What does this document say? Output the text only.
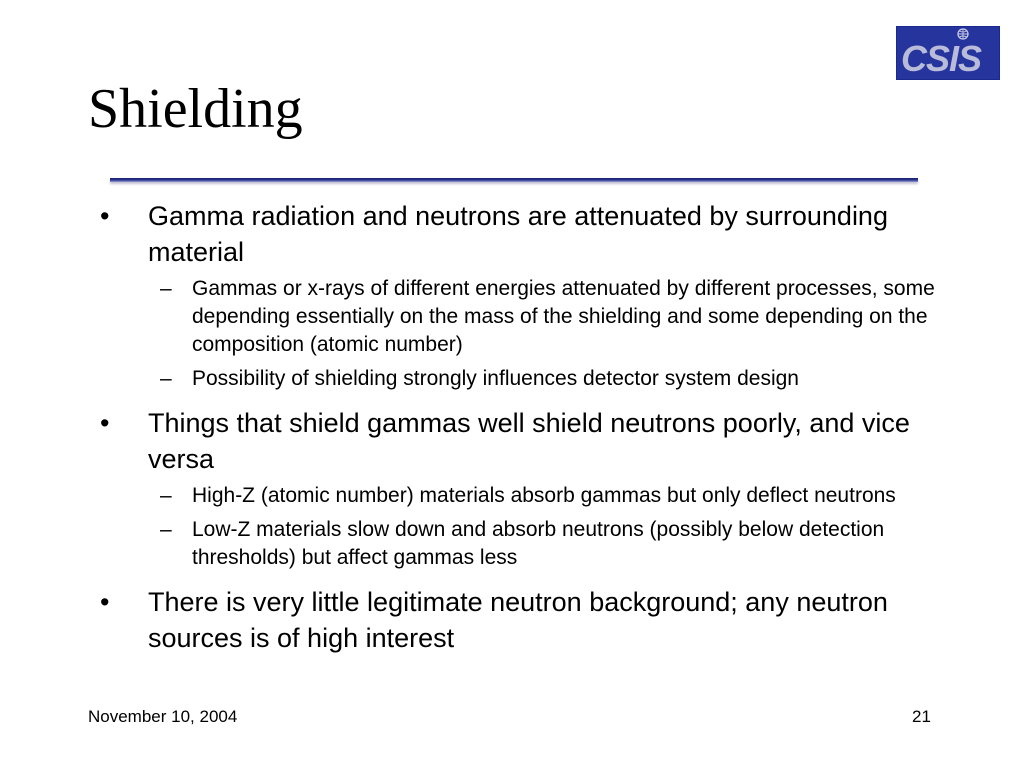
CSIS
Shielding
•	Gamma radiation and neutrons are attenuated by surrounding material
– Gammas or x-rays of different energies attenuated by different processes, some depending essentially on the mass of the shielding and some depending on the composition (atomic number)
– Possibility of shielding strongly influences detector system design
•	Things that shield gammas well shield neutrons poorly, and vice versa
– High-Z (atomic number) materials absorb gammas but only deflect neutrons
– Low-Z materials slow down and absorb neutrons (possibly below detection thresholds) but affect gammas less
•	There is very little legitimate neutron background; any neutron sources is of high interest
November 10, 2004	21
